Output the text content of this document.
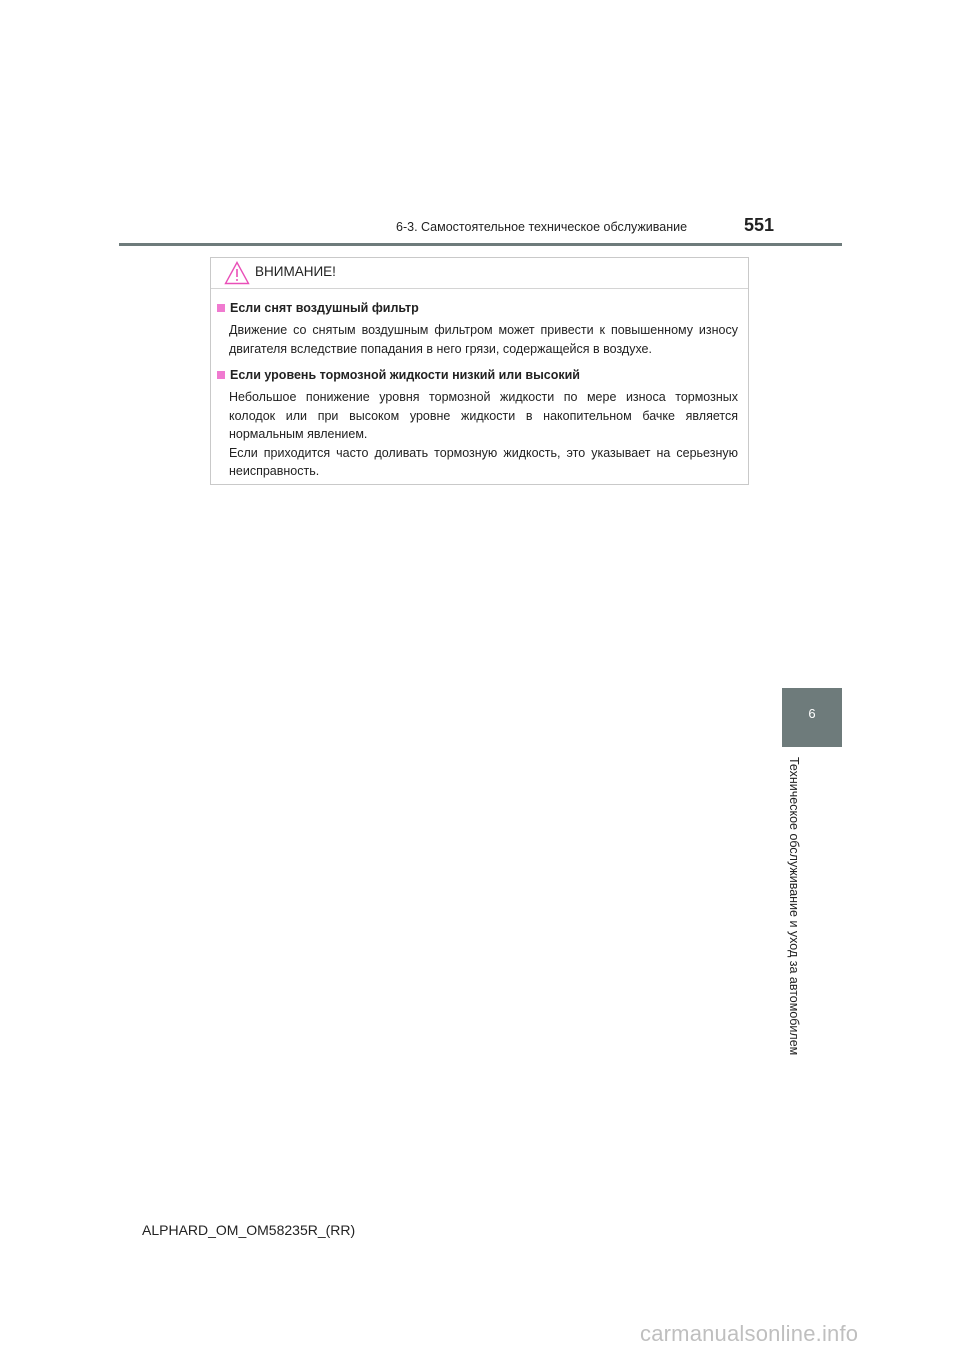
6-3. Самостоятельное техническое обслуживание	551
ВНИМАНИЕ!
Если снят воздушный фильтр

Движение со снятым воздушным фильтром может привести к повышенному износу двигателя вследствие попадания в него грязи, содержащейся в воздухе.

Если уровень тормозной жидкости низкий или высокий

Небольшое понижение уровня тормозной жидкости по мере износа тормозных колодок или при высоком уровне жидкости в накопительном бачке является нормальным явлением.

Если приходится часто доливать тормозную жидкость, это указывает на серьезную неисправность.

6
Техническое обслуживание и уход за автомобилем
ALPHARD_OM_OM58235R_(RR)
carmanualsonline.info
